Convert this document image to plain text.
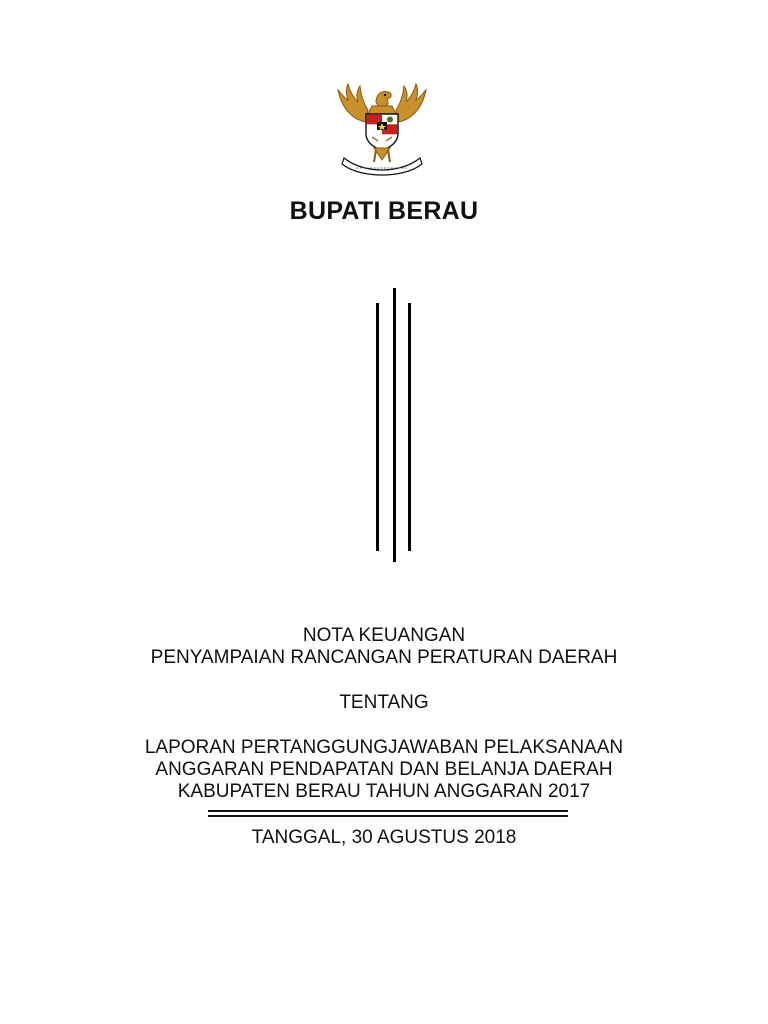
BUPATI BERAU
NOTA KEUANGAN
PENYAMPAIAN RANCANGAN PERATURAN DAERAH
TENTANG
LAPORAN PERTANGGUNGJAWABAN PELAKSANAAN
ANGGARAN PENDAPATAN DAN BELANJA DAERAH
KABUPATEN BERAU TAHUN ANGGARAN 2017
TANGGAL, 30 AGUSTUS 2018
